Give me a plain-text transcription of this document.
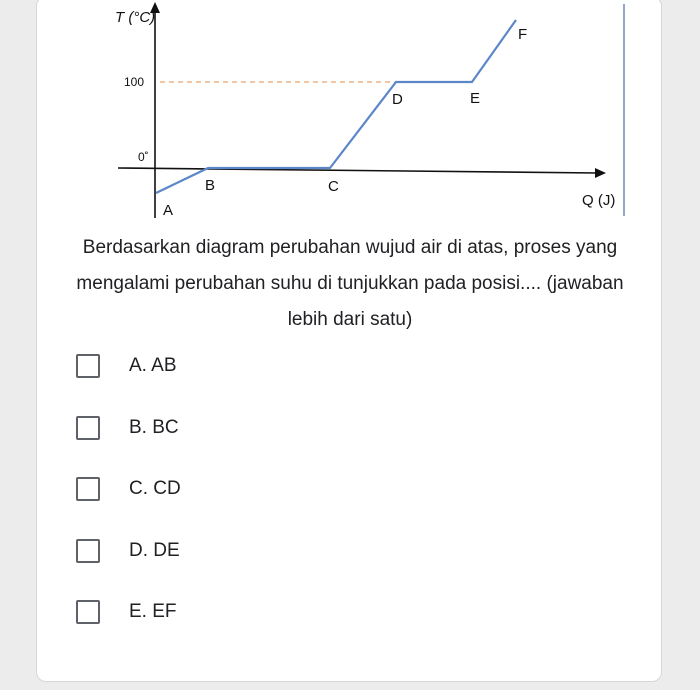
T (°C)
100
0˚
Q (J)
A
B	C
D	E
F
Berdasarkan diagram perubahan wujud air di atas, proses yang mengalami perubahan suhu di tunjukkan pada posisi.... (jawaban lebih dari satu)
A. AB
B. BC
C. CD
D. DE
E. EF
